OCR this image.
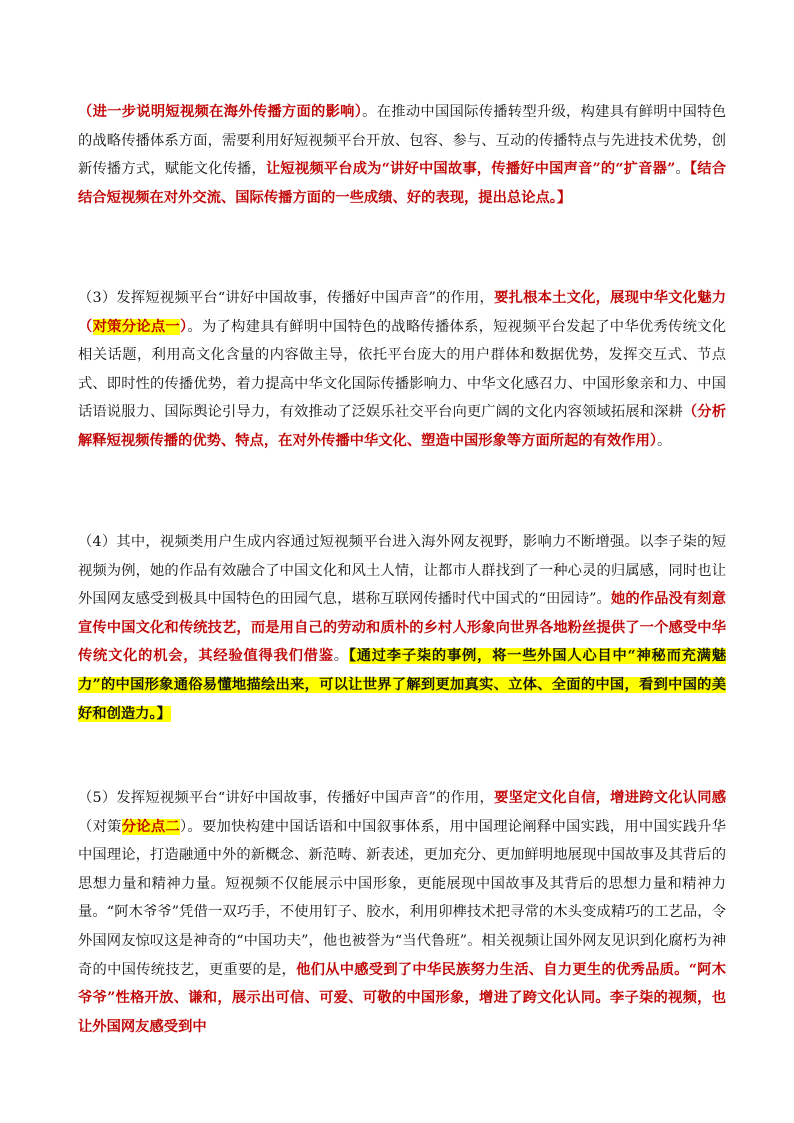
（进一步说明短视频在海外传播方面的影响）。在推动中国国际传播转型升级，构建具有鲜明中国特色的战略传播体系方面，需要利用好短视频平台开放、包容、参与、互动的传播特点与先进技术优势，创新传播方式，赋能文化传播，让短视频平台成为“讲好中国故事，传播好中国声音”的“扩音器”。【结合结合短视频在对外交流、国际传播方面的一些成绩、好的表现，提出总论点。】

（3）发挥短视频平台“讲好中国故事，传播好中国声音”的作用，要扎根本土文化，展现中华文化魅力（对策分论点一）。为了构建具有鲜明中国特色的战略传播体系，短视频平台发起了中华优秀传统文化相关话题，利用高文化含量的内容做主导，依托平台庞大的用户群体和数据优势，发挥交互式、节点式、即时性的传播优势，着力提高中华文化国际传播影响力、中华文化感召力、中国形象亲和力、中国话语说服力、国际舆论引导力，有效推动了泛娱乐社交平台向更广阔的文化内容领域拓展和深耕（分析解释短视频传播的优势、特点，在对外传播中华文化、塑造中国形象等方面所起的有效作用）。

（4）其中，视频类用户生成内容通过短视频平台进入海外网友视野，影响力不断增强。以李子柒的短视频为例，她的作品有效融合了中国文化和风土人情，让都市人群找到了一种心灵的归属感，同时也让外国网友感受到极具中国特色的田园气息，堪称互联网传播时代中国式的“田园诗”。她的作品没有刻意宣传中国文化和传统技艺，而是用自己的劳动和质朴的乡村人形象向世界各地粉丝提供了一个感受中华传统文化的机会，其经验值得我们借鉴。【通过李子柒的事例，将一些外国人心目中“神秘而充满魅力”的中国形象通俗易懂地描绘出来，可以让世界了解到更加真实、立体、全面的中国，看到中国的美好和创造力。】

（5）发挥短视频平台“讲好中国故事，传播好中国声音”的作用，要坚定文化自信，增进跨文化认同感（对策分论点二）。要加快构建中国话语和中国叙事体系，用中国理论阐释中国实践，用中国实践升华中国理论，打造融通中外的新概念、新范畴、新表述，更加充分、更加鲜明地展现中国故事及其背后的思想力量和精神力量。短视频不仅能展示中国形象，更能展现中国故事及其背后的思想力量和精神力量。“阿木爷爷”凭借一双巧手，不使用钉子、胶水，利用卯榫技术把寻常的木头变成精巧的工艺品，令外国网友惊叹这是神奇的“中国功夫”，他也被誉为“当代鲁班”。相关视频让国外网友见识到化腐朽为神奇的中国传统技艺，更重要的是，他们从中感受到了中华民族努力生活、自力更生的优秀品质。“阿木爷爷”性格开放、谦和，展示出可信、可爱、可敬的中国形象，增进了跨文化认同。李子柒的视频，也让外国网友感受到中
